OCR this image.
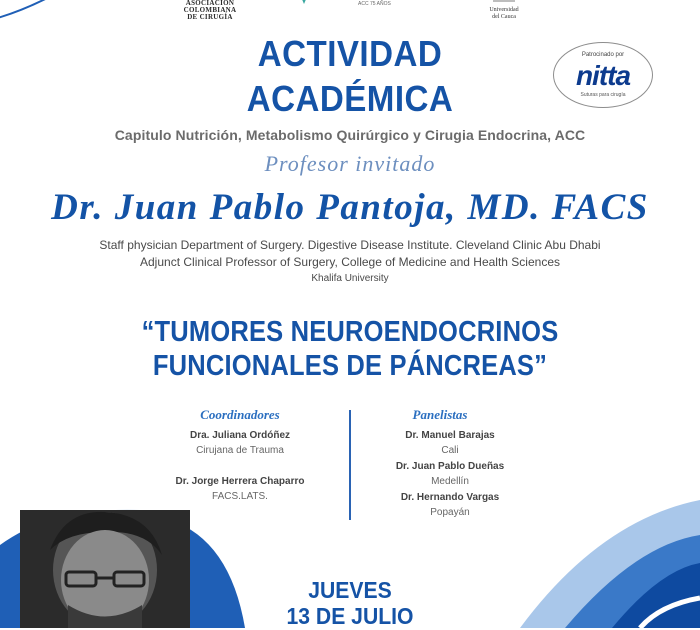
ASOCIACION
COLOMBIANA
DE CIRUGÍA
ACC 75 AÑOS
Universidad
del Cauca
Patrocinado por
nitta
Suturas para cirugía
ACTIVIDAD
ACADÉMICA
Capitulo Nutrición, Metabolismo Quirúrgico y Cirugia Endocrina, ACC
Profesor invitado
Dr. Juan Pablo Pantoja, MD. FACS
Staff physician Department of Surgery. Digestive Disease Institute. Cleveland Clinic Abu Dhabi
Adjunct Clinical Professor of Surgery, College of Medicine and Health Sciences
Khalifa University
“TUMORES NEUROENDOCRINOS
FUNCIONALES DE PÁNCREAS”
Coordinadores
Dra. Juliana Ordóñez
Cirujana de Trauma
Dr. Jorge Herrera Chaparro
FACS.LATS.
Panelistas
Dr. Manuel Barajas
Cali
Dr. Juan Pablo Dueñas
Medellín
Dr. Hernando Vargas
Popayán
JUEVES
13 DE JULIO
